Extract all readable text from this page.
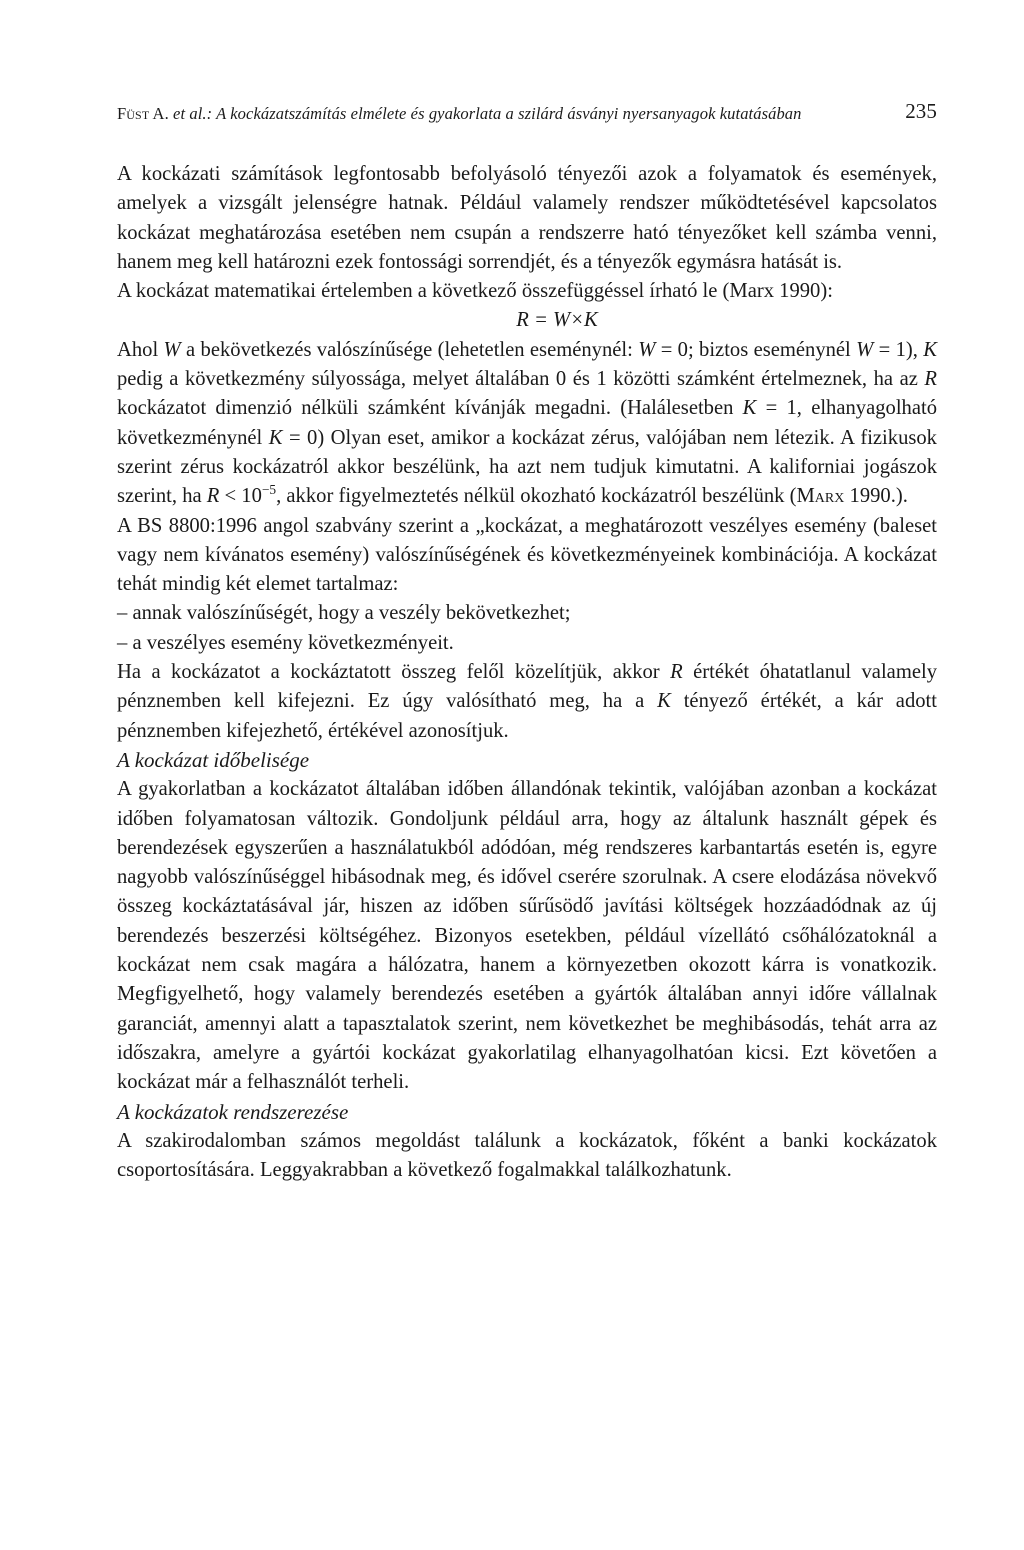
Füst A. et al.: A kockázatszámítás elmélete és gyakorlata a szilárd ásványi nyersanyagok kutatásában	235

A kockázati számítások legfontosabb befolyásoló tényezői azok a folyamatok és események, amelyek a vizsgált jelenségre hatnak. Például valamely rendszer működtetésével kapcsolatos kockázat meghatározása esetében nem csupán a rendszerre ható tényezőket kell számba venni, hanem meg kell határozni ezek fontossági sorrendjét, és a tényezők egymásra hatását is.

A kockázat matematikai értelemben a következő összefüggéssel írható le (Marx 1990):

R = W×K

Ahol W a bekövetkezés valószínűsége (lehetetlen eseménynél: W = 0; biztos eseménynél W = 1), K pedig a következmény súlyossága, melyet általában 0 és 1 közötti számként értelmeznek, ha az R kockázatot dimenzió nélküli számként kívánják megadni. (Halálesetben K = 1, elhanyagolható következménynél K = 0) Olyan eset, amikor a kockázat zérus, valójában nem létezik. A fizikusok szerint zérus kockázatról akkor beszélünk, ha azt nem tudjuk kimutatni. A kaliforniai jogászok szerint, ha $R < 10^{-5}$, akkor figyelmeztetés nélkül okozható kockázatról beszélünk (Marx 1990.).

A BS 8800:1996 angol szabvány szerint a „kockázat, a meghatározott veszélyes esemény (baleset vagy nem kívánatos esemény) valószínűségének és következményeinek kombinációja. A kockázat tehát mindig két elemet tartalmaz:

– annak valószínűségét, hogy a veszély bekövetkezhet;

– a veszélyes esemény következményeit.

Ha a kockázatot a kockáztatott összeg felől közelítjük, akkor R értékét óhatatlanul valamely pénznemben kell kifejezni. Ez úgy valósítható meg, ha a K tényező értékét, a kár adott pénznemben kifejezhető, értékével azonosítjuk.

A kockázat időbelisége

A gyakorlatban a kockázatot általában időben állandónak tekintik, valójában azonban a kockázat időben folyamatosan változik. Gondoljunk például arra, hogy az általunk használt gépek és berendezések egyszerűen a használatukból adódóan, még rendszeres karbantartás esetén is, egyre nagyobb valószínűséggel hibásodnak meg, és idővel cserére szorulnak. A csere elodázása növekvő összeg kockáztatásával jár, hiszen az időben sűrűsödő javítási költségek hozzáadódnak az új berendezés beszerzési költségéhez. Bizonyos esetekben, például vízellátó csőhálózatoknál a kockázat nem csak magára a hálózatra, hanem a környezetben okozott kárra is vonatkozik. Megfigyelhető, hogy valamely berendezés esetében a gyártók általában annyi időre vállalnak garanciát, amennyi alatt a tapasztalatok szerint, nem következhet be meghibásodás, tehát arra az időszakra, amelyre a gyártói kockázat gyakorlatilag elhanyagolhatóan kicsi. Ezt követően a kockázat már a felhasználót terheli.

A kockázatok rendszerezése

A szakirodalomban számos megoldást találunk a kockázatok, főként a banki kockázatok csoportosítására. Leggyakrabban a következő fogalmakkal találkozhatunk.
